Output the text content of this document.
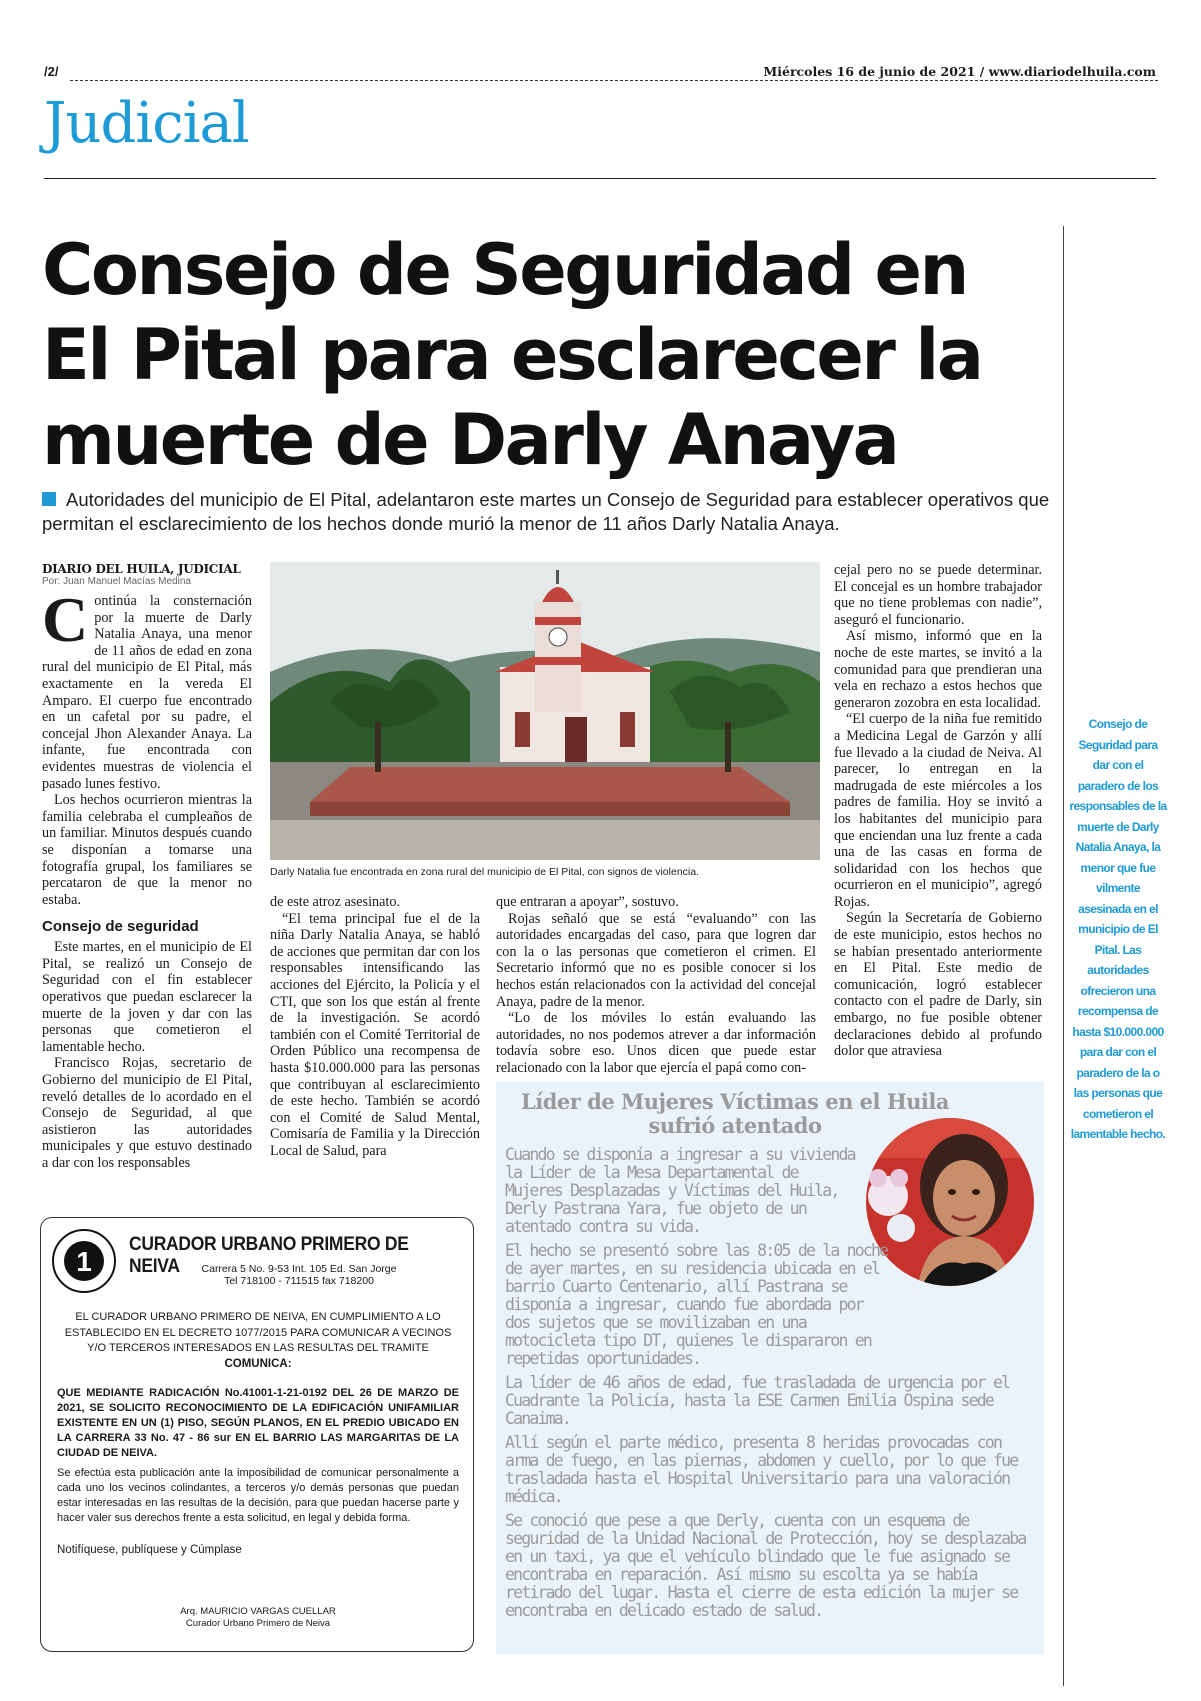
/2/	Miércoles 16 de junio de 2021 / www.diariodelhuila.com
Judicial
Consejo de Seguridad en El Pital para esclarecer la muerte de Darly Anaya
Autoridades del municipio de El Pital, adelantaron este martes un Consejo de Seguridad para establecer operativos que permitan el esclarecimiento de los hechos donde murió la menor de 11 años Darly Natalia Anaya.
DIARIO DEL HUILA, JUDICIAL
Por: Juan Manuel Macías Medina
C ontinúa la consternación por la muerte de Darly Natalia Anaya, una menor de 11 años de edad en zona rural del municipio de El Pital, más exactamente en la vereda El Amparo. El cuerpo fue encontrado en un cafetal por su padre, el concejal Jhon Alexander Anaya. La infante, fue encontrada con evidentes muestras de violencia el pasado lunes festivo.

Los hechos ocurrieron mientras la familia celebraba el cumpleaños de un familiar. Minutos después cuando se disponían a tomarse una fotografía grupal, los familiares se percataron de que la menor no estaba.

Consejo de seguridad

Este martes, en el municipio de El Pital, se realizó un Consejo de Seguridad con el fin establecer operativos que puedan esclarecer la muerte de la joven y dar con las personas que cometieron el lamentable hecho.

Francisco Rojas, secretario de Gobierno del municipio de El Pital, reveló detalles de lo acordado en el Consejo de Seguridad, al que asistieron las autoridades municipales y que estuvo destinado a dar con los responsables

Darly Natalia fue encontrada en zona rural del municipio de El Pital, con signos de violencia.

de este atroz asesinato.

“El tema principal fue el de la niña Darly Natalia Anaya, se habló de acciones que permitan dar con los responsables intensificando las acciones del Ejército, la Policía y el CTI, que son los que están al frente de la investigación. Se acordó también con el Comité Territorial de Orden Público una recompensa de hasta $10.000.000 para las personas que contribuyan al esclarecimiento de este hecho. También se acordó con el Comité de Salud Mental, Comisaría de Familia y la Dirección Local de Salud, para

que entraran a apoyar”, sostuvo.

Rojas señaló que se está “evaluando” con las autoridades encargadas del caso, para que logren dar con la o las personas que cometieron el crimen. El Secretario informó que no es posible conocer si los hechos están relacionados con la actividad del concejal Anaya, padre de la menor.

“Lo de los móviles lo están evaluando las autoridades, no nos podemos atrever a dar información todavía sobre eso. Unos dicen que puede estar relacionado con la labor que ejercía el papá como con-

cejal pero no se puede determinar. El concejal es un hombre trabajador que no tiene problemas con nadie”, aseguró el funcionario.

Así mismo, informó que en la noche de este martes, se invitó a la comunidad para que prendieran una vela en rechazo a estos hechos que generaron zozobra en esta localidad.

“El cuerpo de la niña fue remitido a Medicina Legal de Garzón y allí fue llevado a la ciudad de Neiva. Al parecer, lo entregan en la madrugada de este miércoles a los padres de familia. Hoy se invitó a los habitantes del municipio para que enciendan una luz frente a cada una de las casas en forma de solidaridad con los hechos que ocurrieron en el municipio”, agregó Rojas.

Según la Secretaría de Gobierno de este municipio, estos hechos no se habían presentado anteriormente en El Pital. Este medio de comunicación, logró establecer contacto con el padre de Darly, sin embargo, no fue posible obtener declaraciones debido al profundo dolor que atraviesa

Consejo de Seguridad para dar con el paradero de los responsables de la muerte de Darly Natalia Anaya, la menor que fue vilmente asesinada en el municipio de El Pital. Las autoridades ofrecieron una recompensa de hasta $10.000.000 para dar con el paradero de la o las personas que cometieron el lamentable hecho.
Líder de Mujeres Víctimas en el Huila sufrió atentado

Cuando se disponía a ingresar a su vivienda la Líder de la Mesa Departamental de Mujeres Desplazadas y Víctimas del Huila, Derly Pastrana Yara, fue objeto de un atentado contra su vida.

El hecho se presentó sobre las 8:05 de la noche de ayer martes, en su residencia ubicada en el barrio Cuarto Centenario, allí Pastrana se disponía a ingresar, cuando fue abordada por dos sujetos que se movilizaban en una motocicleta tipo DT, quienes le dispararon en repetidas oportunidades.

La líder de 46 años de edad, fue trasladada de urgencia por el Cuadrante la Policía, hasta la ESE Carmen Emilia Ospina sede Canaima.

Allí según el parte médico, presenta 8 heridas provocadas con arma de fuego, en las piernas, abdomen y cuello, por lo que fue trasladada hasta el Hospital Universitario para una valoración médica.

Se conoció que pese a que Derly, cuenta con un esquema de seguridad de la Unidad Nacional de Protección, hoy se desplazaba en un taxi, ya que el vehículo blindado que le fue asignado se encontraba en reparación. Así mismo su escolta ya se había retirado del lugar. Hasta el cierre de esta edición la mujer se encontraba en delicado estado de salud.

1
CURADOR URBANO PRIMERO DE NEIVA	Carrera 5 No. 9-53 Int. 105 Ed. San Jorge
Tel 718100 - 711515 fax 718200
EL CURADOR URBANO PRIMERO DE NEIVA, EN CUMPLIMIENTO A LO ESTABLECIDO EN EL DECRETO 1077/2015 PARA COMUNICAR A VECINOS Y/O TERCEROS INTERESADOS EN LAS RESULTAS DEL TRAMITE
COMUNICA:
QUE MEDIANTE RADICACIÓN No.41001-1-21-0192 DEL 26 DE MARZO DE 2021, SE SOLICITO RECONOCIMIENTO DE LA EDIFICACIÓN UNIFAMILIAR EXISTENTE EN UN (1) PISO, SEGÚN PLANOS, EN EL PREDIO UBICADO EN LA CARRERA 33 No. 47 - 86 sur EN EL BARRIO LAS MARGARITAS DE LA CIUDAD DE NEIVA.
Se efectúa esta publicación ante la imposibilidad de comunicar personalmente a cada uno los vecinos colindantes, a terceros y/o demás personas que puedan estar interesadas en las resultas de la decisión, para que puedan hacerse parte y hacer valer sus derechos frente a esta solicitud, en legal y debida forma.
Notifíquese, publíquese y Cúmplase
Arq. MAURICIO VARGAS CUELLAR
Curador Urbano Primero de Neiva
